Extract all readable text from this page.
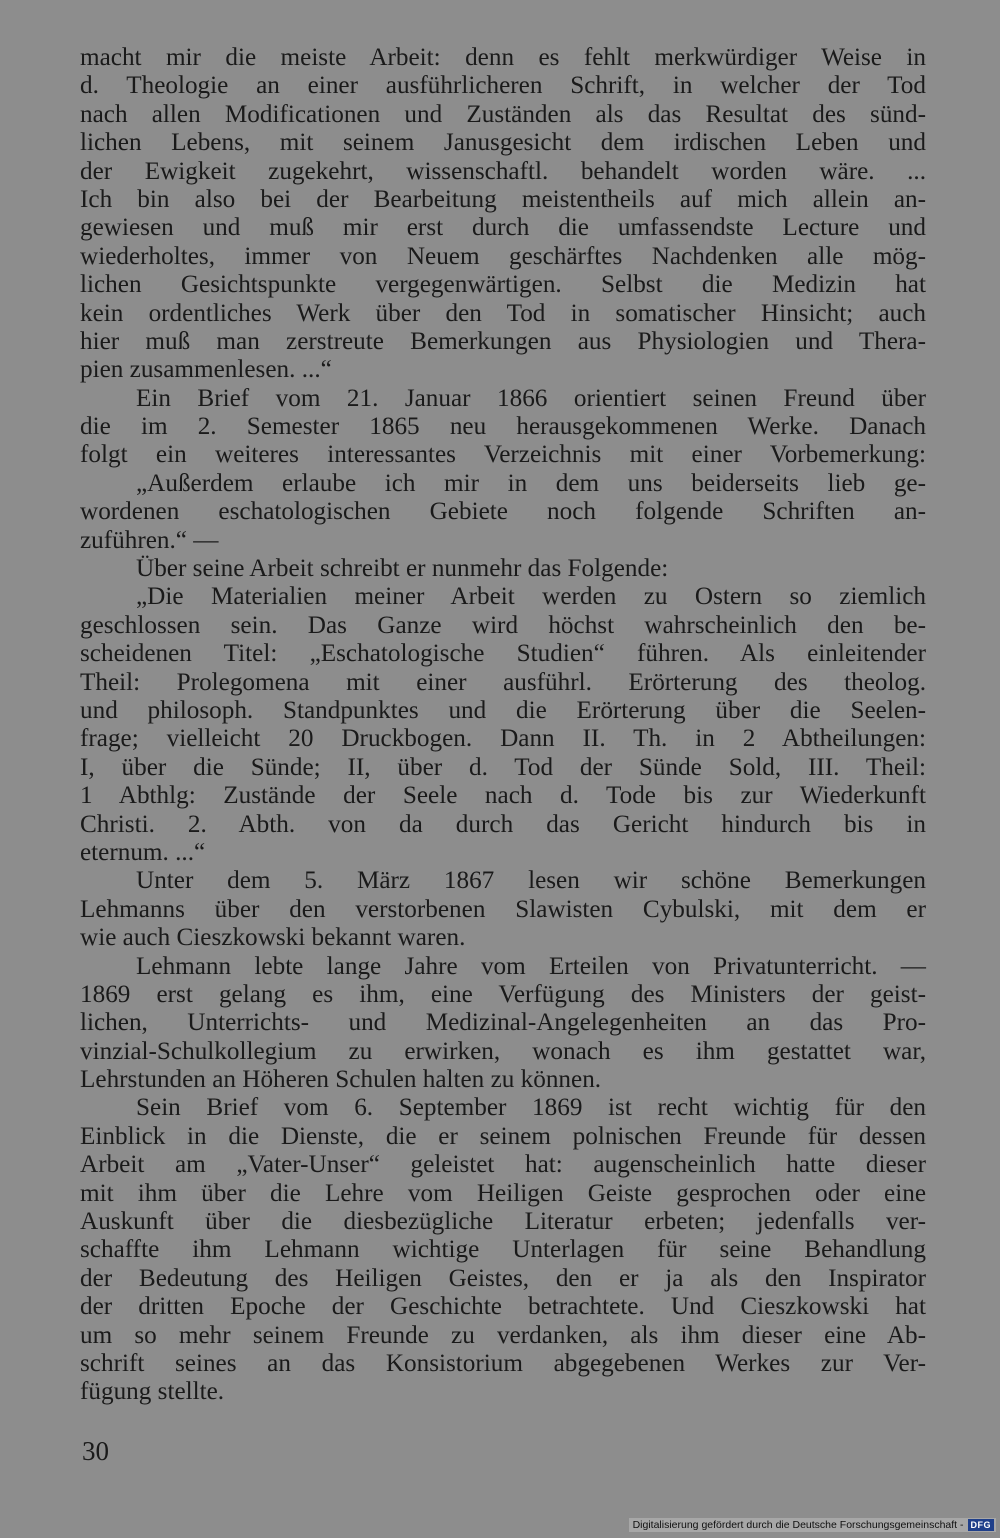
macht mir die meiste Arbeit: denn es fehlt merkwürdiger Weise in
d. Theologie an einer ausführlicheren Schrift, in welcher der Tod
nach allen Modificationen und Zuständen als das Resultat des sünd-
lichen Lebens, mit seinem Janusgesicht dem irdischen Leben und
der Ewigkeit zugekehrt, wissenschaftl. behandelt worden wäre. ...
Ich bin also bei der Bearbeitung meistentheils auf mich allein an-
gewiesen und muß mir erst durch die umfassendste Lecture und
wiederholtes, immer von Neuem geschärftes Nachdenken alle mög-
lichen Gesichtspunkte vergegenwärtigen. Selbst die Medizin hat
kein ordentliches Werk über den Tod in somatischer Hinsicht; auch
hier muß man zerstreute Bemerkungen aus Physiologien und Thera-
pien zusammenlesen. ...“
Ein Brief vom 21. Januar 1866 orientiert seinen Freund über
die im 2. Semester 1865 neu herausgekommenen Werke. Danach
folgt ein weiteres interessantes Verzeichnis mit einer Vorbemerkung:
„Außerdem erlaube ich mir in dem uns beiderseits lieb ge-
wordenen eschatologischen Gebiete noch folgende Schriften an-
zuführen.“ —
Über seine Arbeit schreibt er nunmehr das Folgende:
„Die Materialien meiner Arbeit werden zu Ostern so ziemlich
geschlossen sein. Das Ganze wird höchst wahrscheinlich den be-
scheidenen Titel: „Eschatologische Studien“ führen. Als einleitender
Theil: Prolegomena mit einer ausführl. Erörterung des theolog.
und philosoph. Standpunktes und die Erörterung über die Seelen-
frage; vielleicht 20 Druckbogen. Dann II. Th. in 2 Abtheilungen:
I, über die Sünde; II, über d. Tod der Sünde Sold, III. Theil:
1 Abthlg: Zustände der Seele nach d. Tode bis zur Wiederkunft
Christi. 2. Abth. von da durch das Gericht hindurch bis in
eternum. ...“
Unter dem 5. März 1867 lesen wir schöne Bemerkungen
Lehmanns über den verstorbenen Slawisten Cybulski, mit dem er
wie auch Cieszkowski bekannt waren.
Lehmann lebte lange Jahre vom Erteilen von Privatunterricht. —
1869 erst gelang es ihm, eine Verfügung des Ministers der geist-
lichen, Unterrichts- und Medizinal-Angelegenheiten an das Pro-
vinzial-Schulkollegium zu erwirken, wonach es ihm gestattet war,
Lehrstunden an Höheren Schulen halten zu können.
Sein Brief vom 6. September 1869 ist recht wichtig für den
Einblick in die Dienste, die er seinem polnischen Freunde für dessen
Arbeit am „Vater-Unser“ geleistet hat: augenscheinlich hatte dieser
mit ihm über die Lehre vom Heiligen Geiste gesprochen oder eine
Auskunft über die diesbezügliche Literatur erbeten; jedenfalls ver-
schaffte ihm Lehmann wichtige Unterlagen für seine Behandlung
der Bedeutung des Heiligen Geistes, den er ja als den Inspirator
der dritten Epoche der Geschichte betrachtete. Und Cieszkowski hat
um so mehr seinem Freunde zu verdanken, als ihm dieser eine Ab-
schrift seines an das Konsistorium abgegebenen Werkes zur Ver-
fügung stellte.
30
Digitalisierung gefördert durch die Deutsche Forschungsgemeinschaft - DFG
